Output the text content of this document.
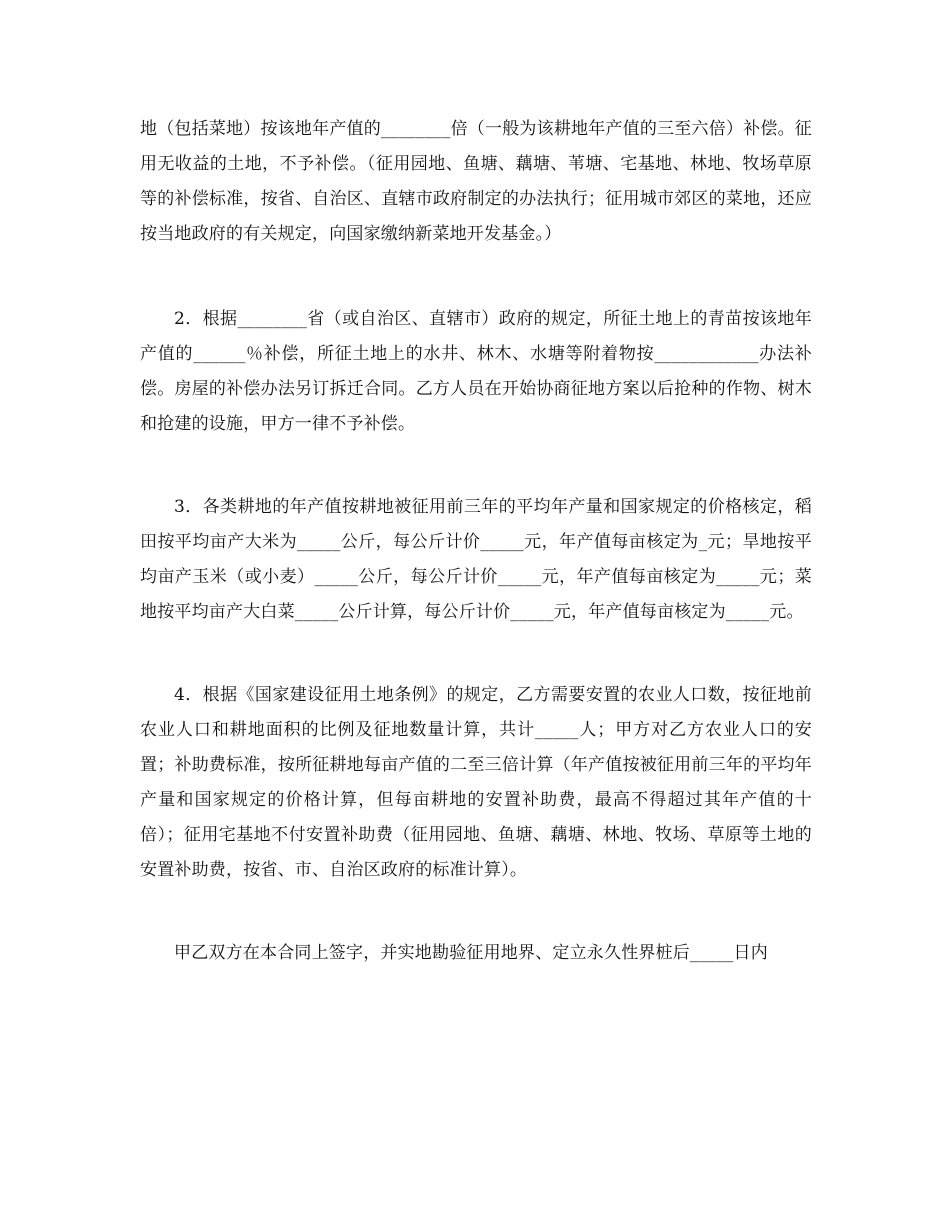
地（包括菜地）按该地年产值的________倍（一般为该耕地年产值的三至六倍）补偿。征用无收益的土地，不予补偿。（征用园地、鱼塘、藕塘、苇塘、宅基地、林地、牧场草原等的补偿标准，按省、自治区、直辖市政府制定的办法执行；征用城市郊区的菜地，还应按当地政府的有关规定，向国家缴纳新菜地开发基金。）

2．根据________省（或自治区、直辖市）政府的规定，所征土地上的青苗按该地年产值的______％补偿，所征土地上的水井、林木、水塘等附着物按____________办法补偿。房屋的补偿办法另订拆迁合同。乙方人员在开始协商征地方案以后抢种的作物、树木和抢建的设施，甲方一律不予补偿。

3．各类耕地的年产值按耕地被征用前三年的平均年产量和国家规定的价格核定，稻田按平均亩产大米为_____公斤，每公斤计价_____元，年产值每亩核定为_元；旱地按平均亩产玉米（或小麦）_____公斤，每公斤计价_____元，年产值每亩核定为_____元；菜地按平均亩产大白菜_____公斤计算，每公斤计价_____元，年产值每亩核定为_____元。

4．根据《国家建设征用土地条例》的规定，乙方需要安置的农业人口数，按征地前农业人口和耕地面积的比例及征地数量计算，共计_____人；甲方对乙方农业人口的安置；补助费标准，按所征耕地每亩产值的二至三倍计算（年产值按被征用前三年的平均年产量和国家规定的价格计算，但每亩耕地的安置补助费，最高不得超过其年产值的十倍）；征用宅基地不付安置补助费（征用园地、鱼塘、藕塘、林地、牧场、草原等土地的安置补助费，按省、市、自治区政府的标准计算）。

甲乙双方在本合同上签字，并实地勘验征用地界、定立永久性界桩后_____日内
